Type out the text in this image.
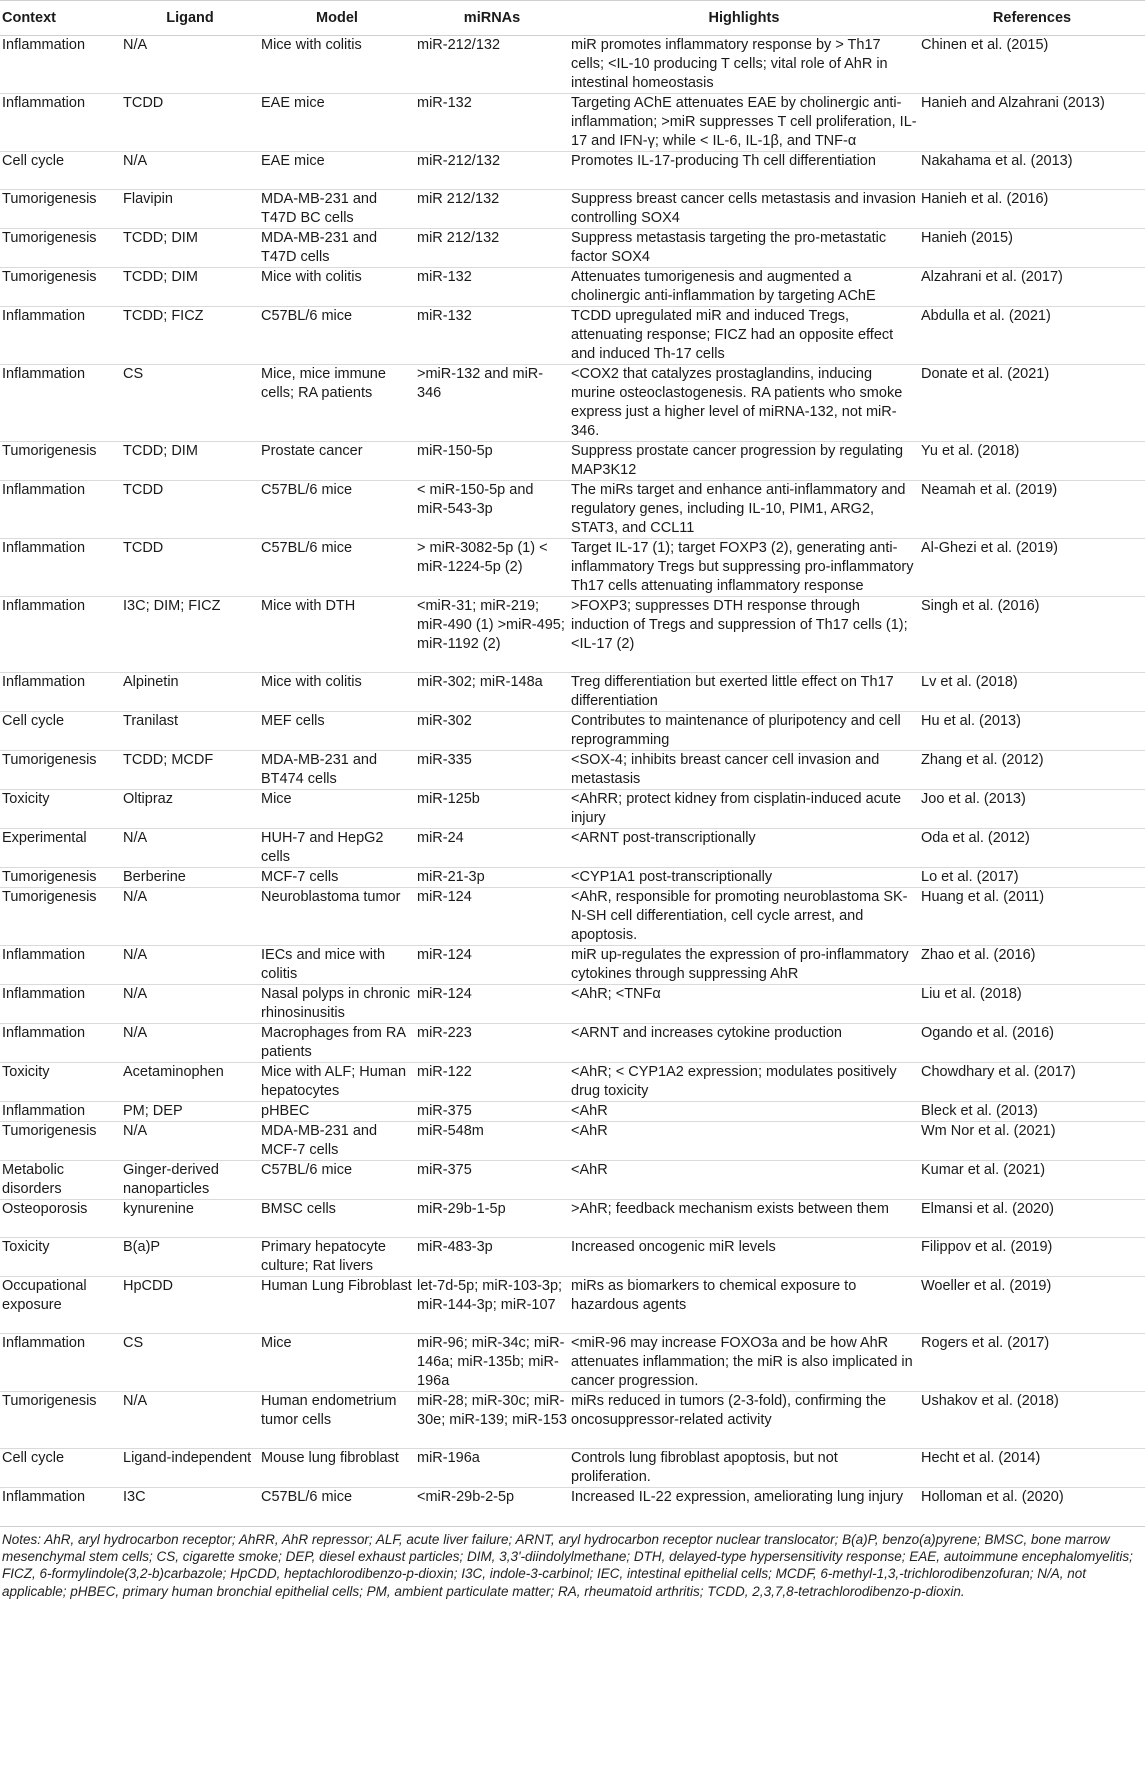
Context	Ligand	Model	miRNAs	Highlights	References
Inflammation	N/A	Mice with colitis	miR-212/132	miR promotes inflammatory response by > Th17 cells; <IL-10 producing T cells; vital role of AhR in intestinal homeostasis	Chinen et al. (2015)
Inflammation	TCDD	EAE mice	miR-132	Targeting AChE attenuates EAE by cholinergic anti-inflammation; >miR suppresses T cell proliferation, IL-17 and IFN-γ; while < IL-6, IL-1β, and TNF-α	Hanieh and Alzahrani (2013)
Cell cycle	N/A	EAE mice	miR-212/132	Promotes IL-17-producing Th cell differentiation	Nakahama et al. (2013)
Tumorigenesis	Flavipin	MDA-MB-231 and T47D BC cells	miR 212/132	Suppress breast cancer cells metastasis and invasion controlling SOX4	Hanieh et al. (2016)
Tumorigenesis	TCDD; DIM	MDA-MB-231 and T47D cells	miR 212/132	Suppress metastasis targeting the pro-metastatic factor SOX4	Hanieh (2015)
Tumorigenesis	TCDD; DIM	Mice with colitis	miR-132	Attenuates tumorigenesis and augmented a cholinergic anti-inflammation by targeting AChE	Alzahrani et al. (2017)
Inflammation	TCDD; FICZ	C57BL/6 mice	miR-132	TCDD upregulated miR and induced Tregs, attenuating response; FICZ had an opposite effect and induced Th-17 cells	Abdulla et al. (2021)
Inflammation	CS	Mice, mice immune cells; RA patients	>miR-132 and miR-346	<COX2 that catalyzes prostaglandins, inducing murine osteoclastogenesis. RA patients who smoke express just a higher level of miRNA-132, not miR-346.	Donate et al. (2021)
Tumorigenesis	TCDD; DIM	Prostate cancer	miR-150-5p	Suppress prostate cancer progression by regulating MAP3K12	Yu et al. (2018)
Inflammation	TCDD	C57BL/6 mice	< miR-150-5p and miR-543-3p	The miRs target and enhance anti-inflammatory and regulatory genes, including IL-10, PIM1, ARG2, STAT3, and CCL11	Neamah et al. (2019)
Inflammation	TCDD	C57BL/6 mice	> miR-3082-5p (1) < miR-1224-5p (2)	Target IL-17 (1); target FOXP3 (2), generating anti-inflammatory Tregs but suppressing pro-inflammatory Th17 cells attenuating inflammatory response	Al-Ghezi et al. (2019)
Inflammation	I3C; DIM; FICZ	Mice with DTH	<miR-31; miR-219; miR-490 (1) >miR-495; miR-1192 (2)	>FOXP3; suppresses DTH response through induction of Tregs and suppression of Th17 cells (1); <IL-17 (2)	Singh et al. (2016)
Inflammation	Alpinetin	Mice with colitis	miR-302; miR-148a	Treg differentiation but exerted little effect on Th17 differentiation	Lv et al. (2018)
Cell cycle	Tranilast	MEF cells	miR-302	Contributes to maintenance of pluripotency and cell reprogramming	Hu et al. (2013)
Tumorigenesis	TCDD; MCDF	MDA-MB-231 and BT474 cells	miR-335	<SOX-4; inhibits breast cancer cell invasion and metastasis	Zhang et al. (2012)
Toxicity	Oltipraz	Mice	miR-125b	<AhRR; protect kidney from cisplatin-induced acute injury	Joo et al. (2013)
Experimental	N/A	HUH-7 and HepG2 cells	miR-24	<ARNT post-transcriptionally	Oda et al. (2012)
Tumorigenesis	Berberine	MCF-7 cells	miR-21-3p	<CYP1A1 post-transcriptionally	Lo et al. (2017)
Tumorigenesis	N/A	Neuroblastoma tumor	miR-124	<AhR, responsible for promoting neuroblastoma SK-N-SH cell differentiation, cell cycle arrest, and apoptosis.	Huang et al. (2011)
Inflammation	N/A	IECs and mice with colitis	miR-124	miR up-regulates the expression of pro-inflammatory cytokines through suppressing AhR	Zhao et al. (2016)
Inflammation	N/A	Nasal polyps in chronic rhinosinusitis	miR-124	<AhR; <TNFα	Liu et al. (2018)
Inflammation	N/A	Macrophages from RA patients	miR-223	<ARNT and increases cytokine production	Ogando et al. (2016)
Toxicity	Acetaminophen	Mice with ALF; Human hepatocytes	miR-122	<AhR; < CYP1A2 expression; modulates positively drug toxicity	Chowdhary et al. (2017)
Inflammation	PM; DEP	pHBEC	miR-375	<AhR	Bleck et al. (2013)
Tumorigenesis	N/A	MDA-MB-231 and MCF-7 cells	miR-548m	<AhR	Wm Nor et al. (2021)
Metabolic disorders	Ginger-derived nanoparticles	C57BL/6 mice	miR-375	<AhR	Kumar et al. (2021)
Osteoporosis	kynurenine	BMSC cells	miR-29b-1-5p	>AhR; feedback mechanism exists between them	Elmansi et al. (2020)
Toxicity	B(a)P	Primary hepatocyte culture; Rat livers	miR-483-3p	Increased oncogenic miR levels	Filippov et al. (2019)
Occupational exposure	HpCDD	Human Lung Fibroblast	let-7d-5p; miR-103-3p; miR-144-3p; miR-107	miRs as biomarkers to chemical exposure to hazardous agents	Woeller et al. (2019)
Inflammation	CS	Mice	miR-96; miR-34c; miR-146a; miR-135b; miR-196a	<miR-96 may increase FOXO3a and be how AhR attenuates inflammation; the miR is also implicated in cancer progression.	Rogers et al. (2017)
Tumorigenesis	N/A	Human endometrium tumor cells	miR-28; miR-30c; miR-30e; miR-139; miR-153	miRs reduced in tumors (2-3-fold), confirming the oncosuppressor-related activity	Ushakov et al. (2018)
Cell cycle	Ligand-independent	Mouse lung fibroblast	miR-196a	Controls lung fibroblast apoptosis, but not proliferation.	Hecht et al. (2014)
Inflammation	I3C	C57BL/6 mice	<miR-29b-2-5p	Increased IL-22 expression, ameliorating lung injury	Holloman et al. (2020)
Notes: AhR, aryl hydrocarbon receptor; AhRR, AhR repressor; ALF, acute liver failure; ARNT, aryl hydrocarbon receptor nuclear translocator; B(a)P, benzo(a)pyrene; BMSC, bone marrow mesenchymal stem cells; CS, cigarette smoke; DEP, diesel exhaust particles; DIM, 3,3'-diindolylmethane; DTH, delayed-type hypersensitivity response; EAE, autoimmune encephalomyelitis; FICZ, 6-formylindole(3,2-b)carbazole; HpCDD, heptachlorodibenzo-p-dioxin; I3C, indole-3-carbinol; IEC, intestinal epithelial cells; MCDF, 6-methyl-1,3,-trichlorodibenzofuran; N/A, not applicable; pHBEC, primary human bronchial epithelial cells; PM, ambient particulate matter; RA, rheumatoid arthritis; TCDD, 2,3,7,8-tetrachlorodibenzo-p-dioxin.
